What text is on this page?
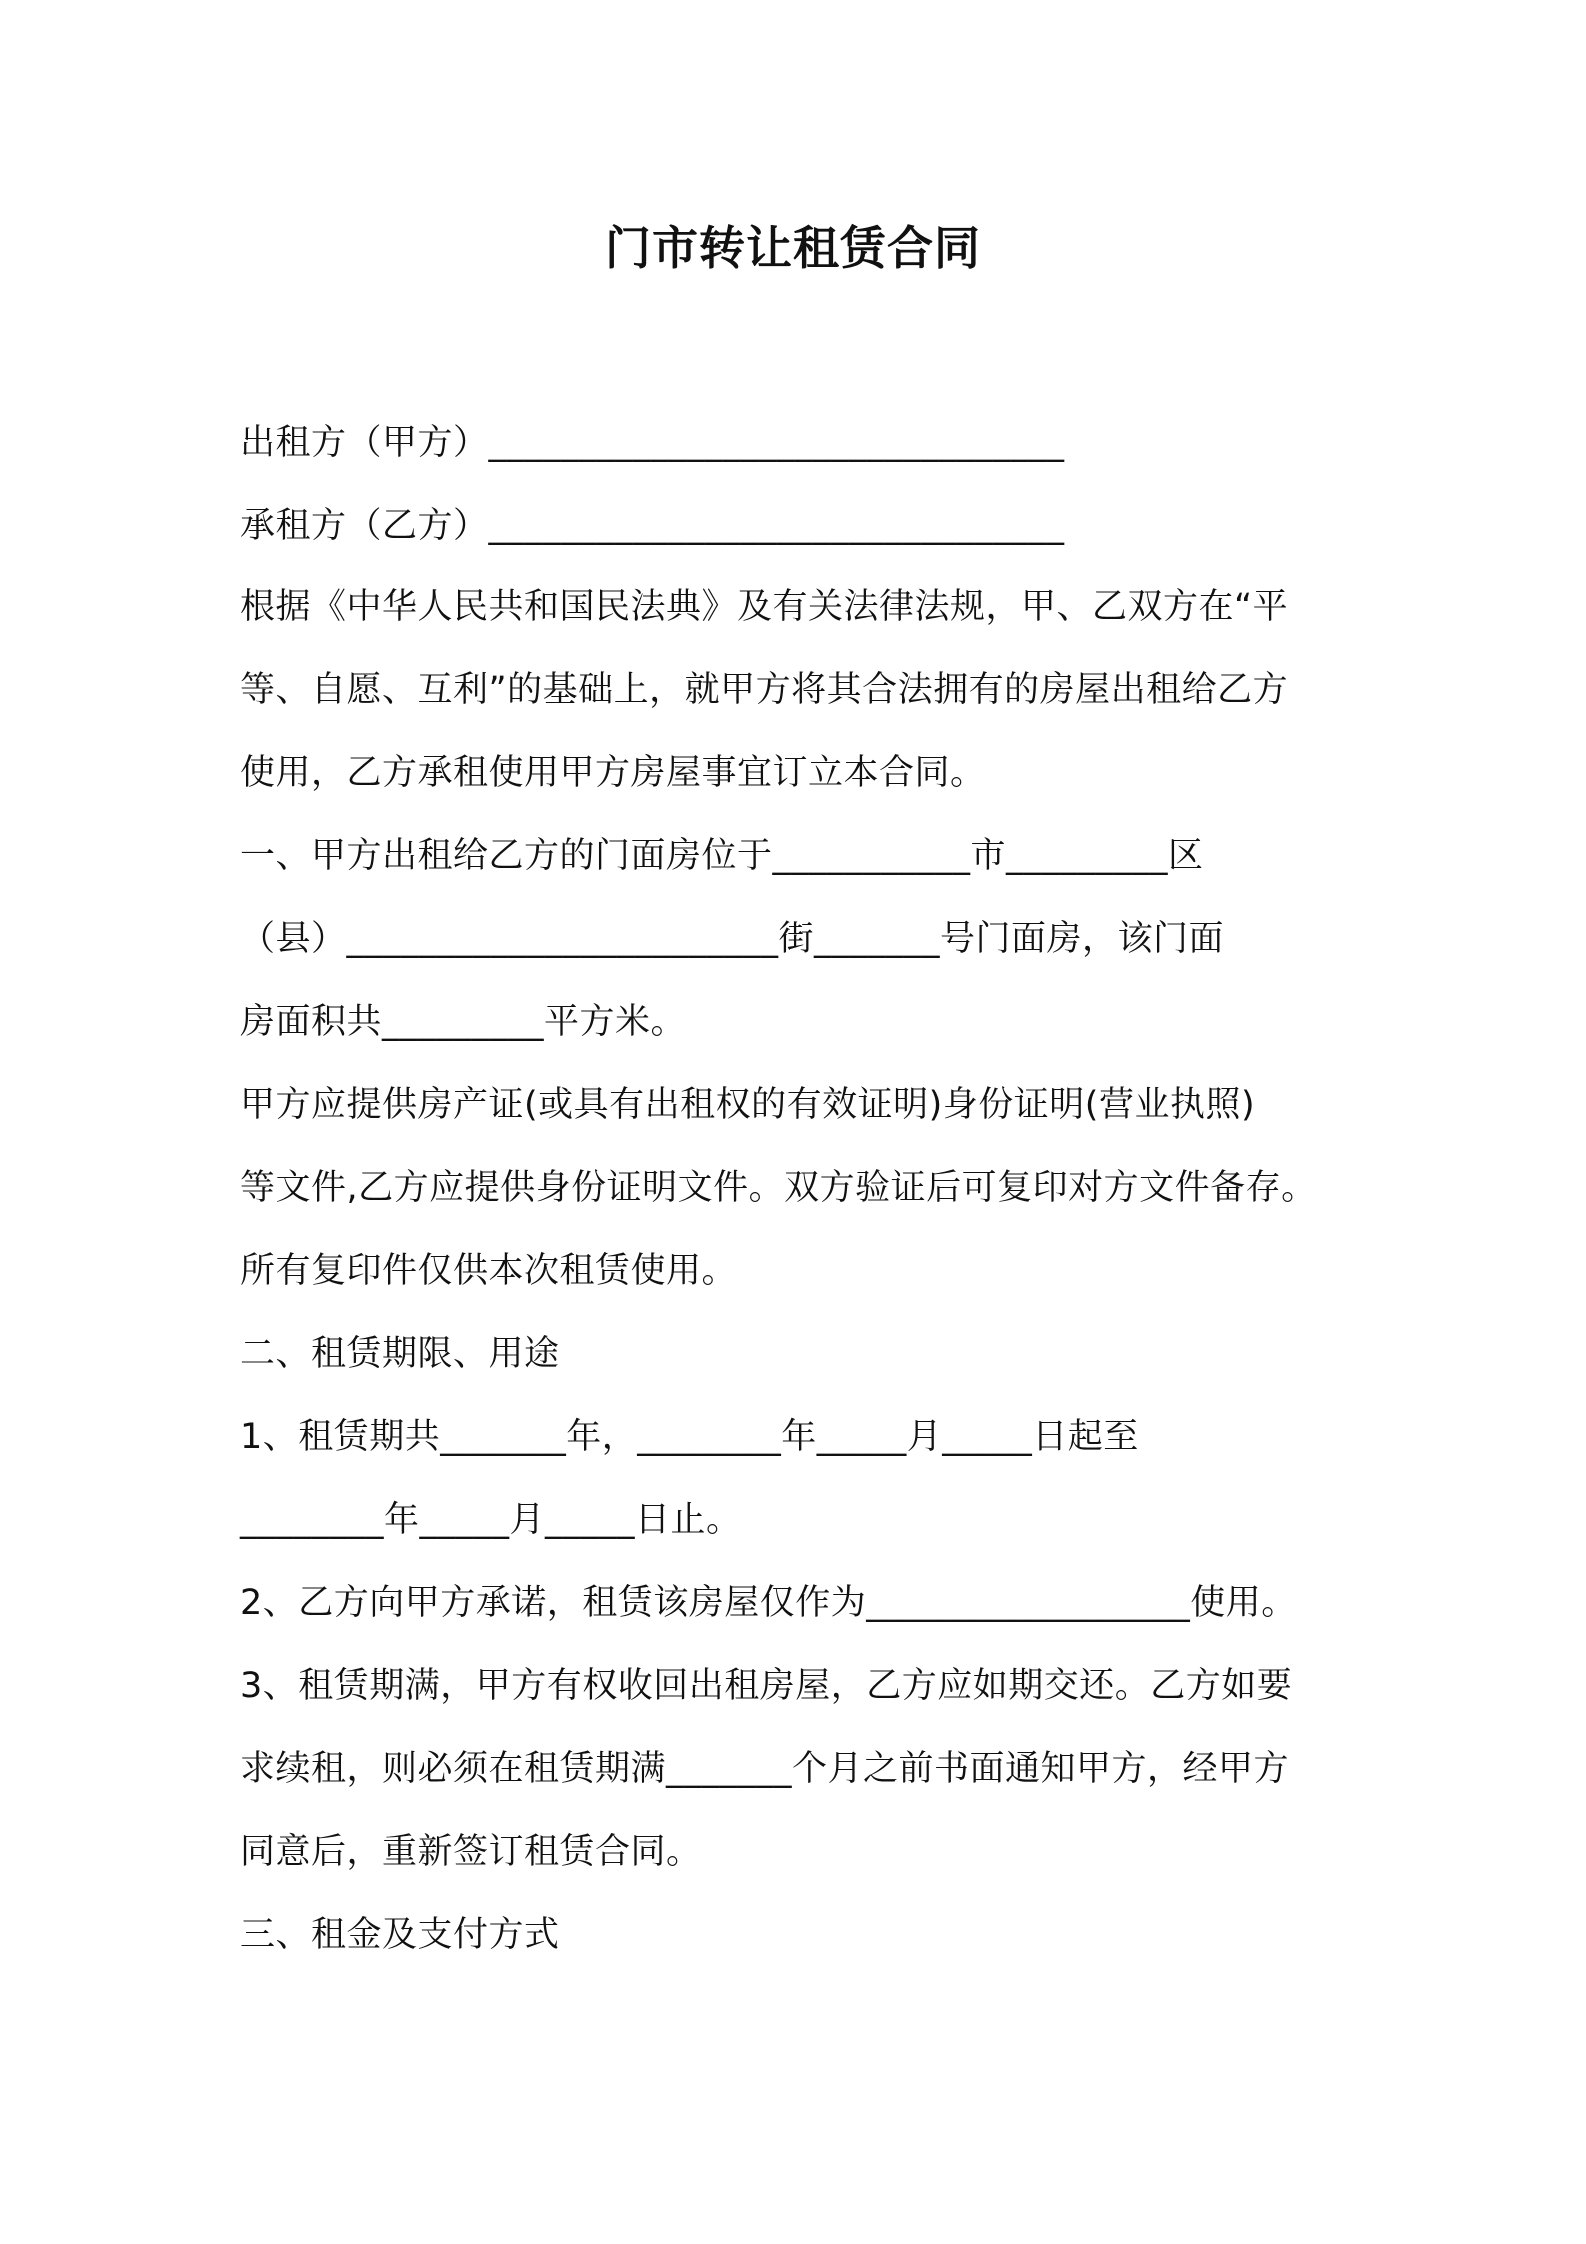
门市转让租赁合同
出租方（甲方）________________________________
承租方（乙方）________________________________
根据《中华人民共和国民法典》及有关法律法规，甲、乙双方在“平
等、自愿、互利”的基础上，就甲方将其合法拥有的房屋出租给乙方
使用，乙方承租使用甲方房屋事宜订立本合同。
一、甲方出租给乙方的门面房位于___________市_________区
（县）________________________街_______号门面房，该门面
房面积共_________平方米。
甲方应提供房产证(或具有出租权的有效证明)身份证明(营业执照)
等文件,乙方应提供身份证明文件。双方验证后可复印对方文件备存。
所有复印件仅供本次租赁使用。
二、租赁期限、用途
1、租赁期共_______年，________年_____月_____日起至
________年_____月_____日止。
2、乙方向甲方承诺，租赁该房屋仅作为__________________使用。
3、租赁期满，甲方有权收回出租房屋，乙方应如期交还。乙方如要
求续租，则必须在租赁期满_______个月之前书面通知甲方，经甲方
同意后，重新签订租赁合同。
三、租金及支付方式
